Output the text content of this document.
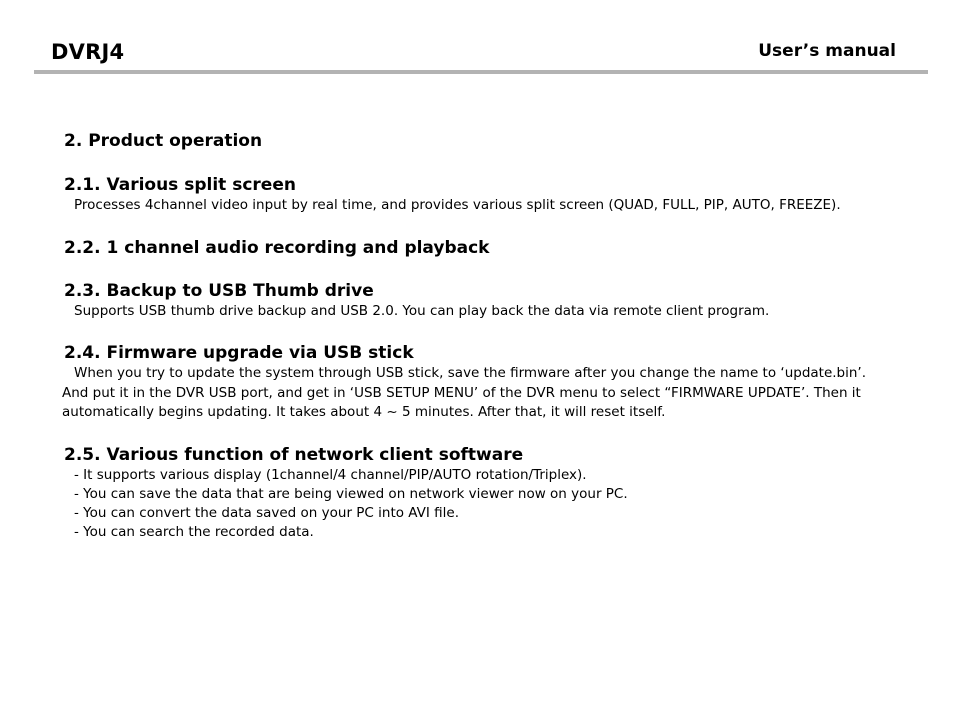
DVRJ4	User’s manual
2. Product operation
2.1. Various split screen

Processes 4channel video input by real time, and provides various split screen (QUAD, FULL, PIP, AUTO, FREEZE).

2.2. 1 channel audio recording and playback
2.3. Backup to USB Thumb drive

Supports USB thumb drive backup and USB 2.0. You can play back the data via remote client program.

2.4. Firmware upgrade via USB stick

When you try to update the system through USB stick, save the firmware after you change the name to ‘update.bin’. And put it in the DVR USB port, and get in ‘USB SETUP MENU’ of the DVR menu to select “FIRMWARE UPDATE’. Then it automatically begins updating. It takes about 4 ~ 5 minutes. After that, it will reset itself.

2.5. Various function of network client software
- It supports various display (1channel/4 channel/PIP/AUTO rotation/Triplex).
- You can save the data that are being viewed on network viewer now on your PC.
- You can convert the data saved on your PC into AVI file.
- You can search the recorded data.
